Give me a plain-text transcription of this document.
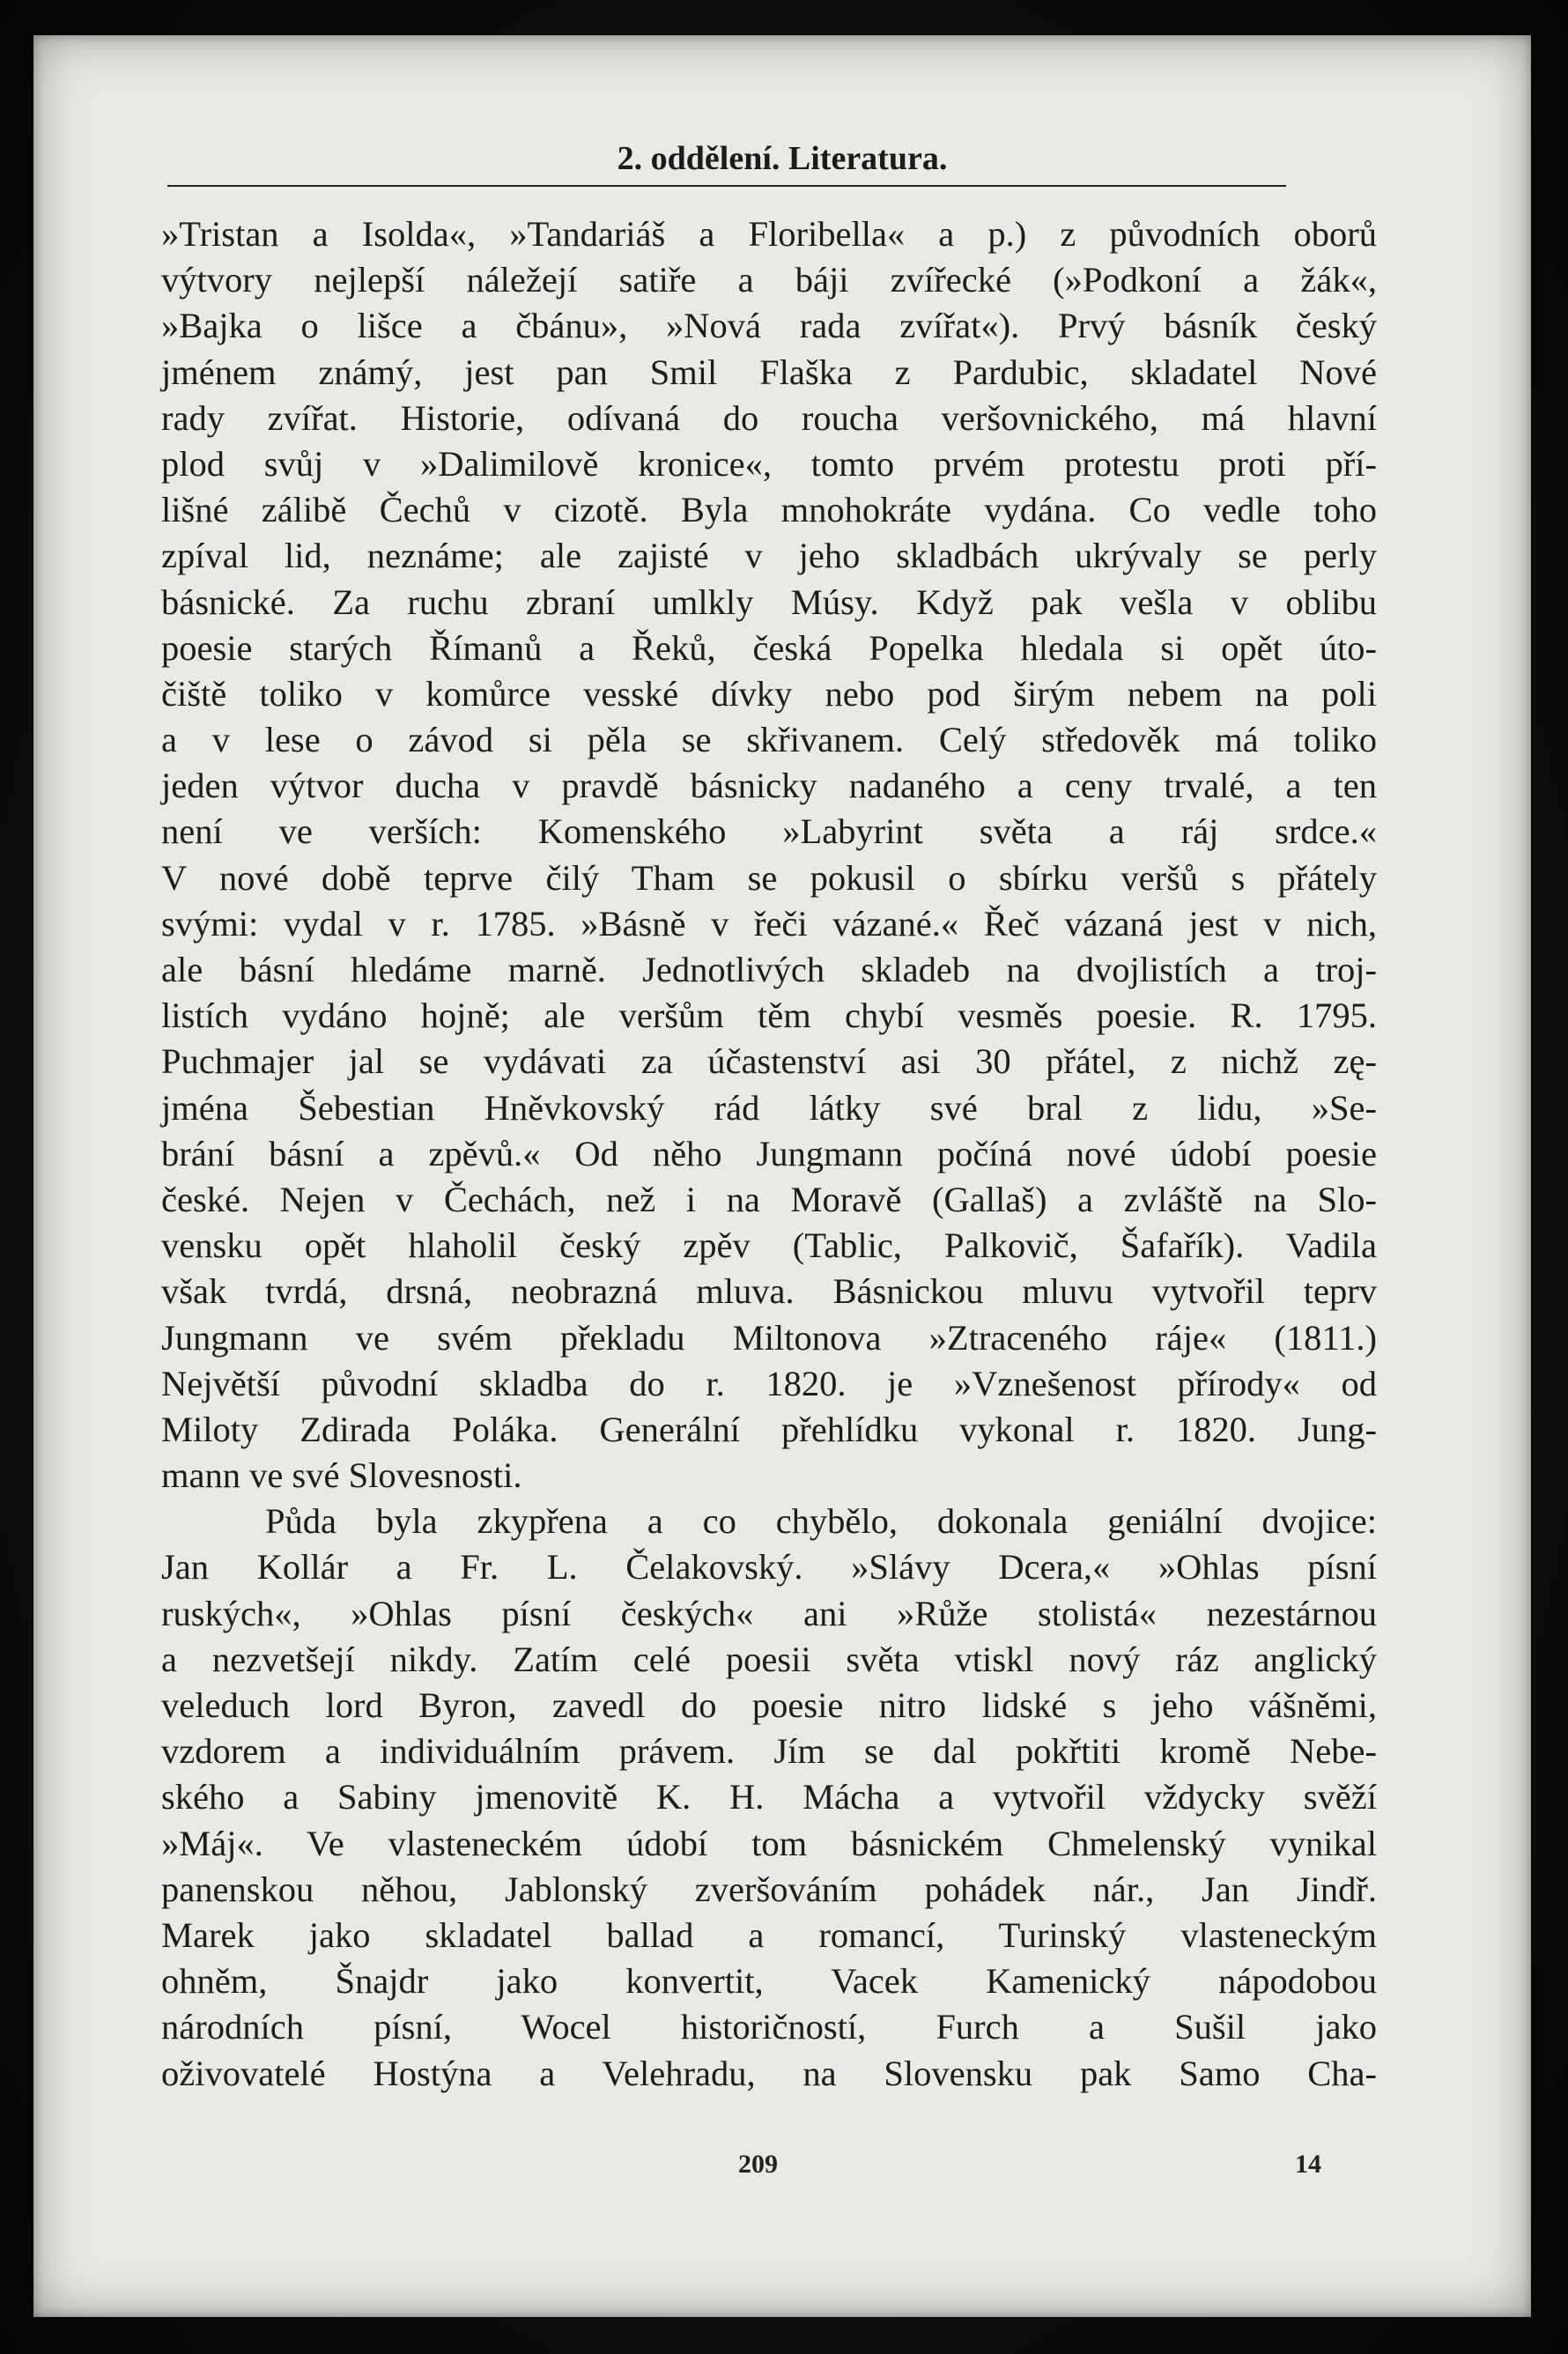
2. oddělení. Literatura.
»Tristan a Isolda«, »Tandariáš a Floribella« a p.) z původních oborů
výtvory nejlepší náležejí satiře a báji zvířecké (»Podkoní a žák«,
»Bajka o lišce a čbánu», »Nová rada zvířat«). Prvý básník český
jménem známý, jest pan Smil Flaška z Pardubic, skladatel Nové
rady zvířat. Historie, odívaná do roucha veršovnického, má hlavní
plod svůj v »Dalimilově kronice«, tomto prvém protestu proti pří-
lišné zálibě Čechů v cizotě. Byla mnohokráte vydána. Co vedle toho
zpíval lid, neznáme; ale zajisté v jeho skladbách ukrývaly se perly
básnické. Za ruchu zbraní umlkly Músy. Když pak vešla v oblibu
poesie starých Římanů a Řeků, česká Popelka hledala si opět úto-
čiště toliko v komůrce vesské dívky nebo pod širým nebem na poli
a v lese o závod si pěla se skřivanem. Celý středověk má toliko
jeden výtvor ducha v pravdě básnicky nadaného a ceny trvalé, a ten
není ve verších: Komenského »Labyrint světa a ráj srdce.«
V nové době teprve čilý Tham se pokusil o sbírku veršů s přátely
svými: vydal v r. 1785. »Básně v řeči vázané.« Řeč vázaná jest v nich,
ale básní hledáme marně. Jednotlivých skladeb na dvojlistích a troj-
listích vydáno hojně; ale veršům těm chybí vesměs poesie. R. 1795.
Puchmajer jal se vydávati za účastenství asi 30 přátel, z nichž zę-
jména Šebestian Hněvkovský rád látky své bral z lidu, »Se-
brání básní a zpěvů.« Od něho Jungmann počíná nové údobí poesie
české. Nejen v Čechách, než i na Moravě (Gallaš) a zvláště na Slo-
vensku opět hlaholil český zpěv (Tablic, Palkovič, Šafařík). Vadila
však tvrdá, drsná, neobrazná mluva. Básnickou mluvu vytvořil teprv
Jungmann ve svém překladu Miltonova »Ztraceného ráje« (1811.)
Největší původní skladba do r. 1820. je »Vznešenost přírody« od
Miloty Zdirada Poláka. Generální přehlídku vykonal r. 1820. Jung-
mann ve své Slovesnosti.
Půda byla zkypřena a co chybělo, dokonala geniální dvojice:
Jan Kollár a Fr. L. Čelakovský. »Slávy Dcera,« »Ohlas písní
ruských«, »Ohlas písní českých« ani »Růže stolistá« nezestárnou
a nezvetšejí nikdy. Zatím celé poesii světa vtiskl nový ráz anglický
veleduch lord Byron, zavedl do poesie nitro lidské s jeho vášněmi,
vzdorem a individuálním právem. Jím se dal pokřtiti kromě Nebe-
ského a Sabiny jmenovitě K. H. Mácha a vytvořil vždycky svěží
»Máj«. Ve vlasteneckém údobí tom básnickém Chmelenský vynikal
panenskou něhou, Jablonský zveršováním pohádek nár., Jan Jindř.
Marek jako skladatel ballad a romancí, Turinský vlasteneckým
ohněm, Šnajdr jako konvertit, Vacek Kamenický nápodobou
národních písní, Wocel historičností, Furch a Sušil jako
oživovatelé Hostýna a Velehradu, na Slovensku pak Samo Cha-
209	14
